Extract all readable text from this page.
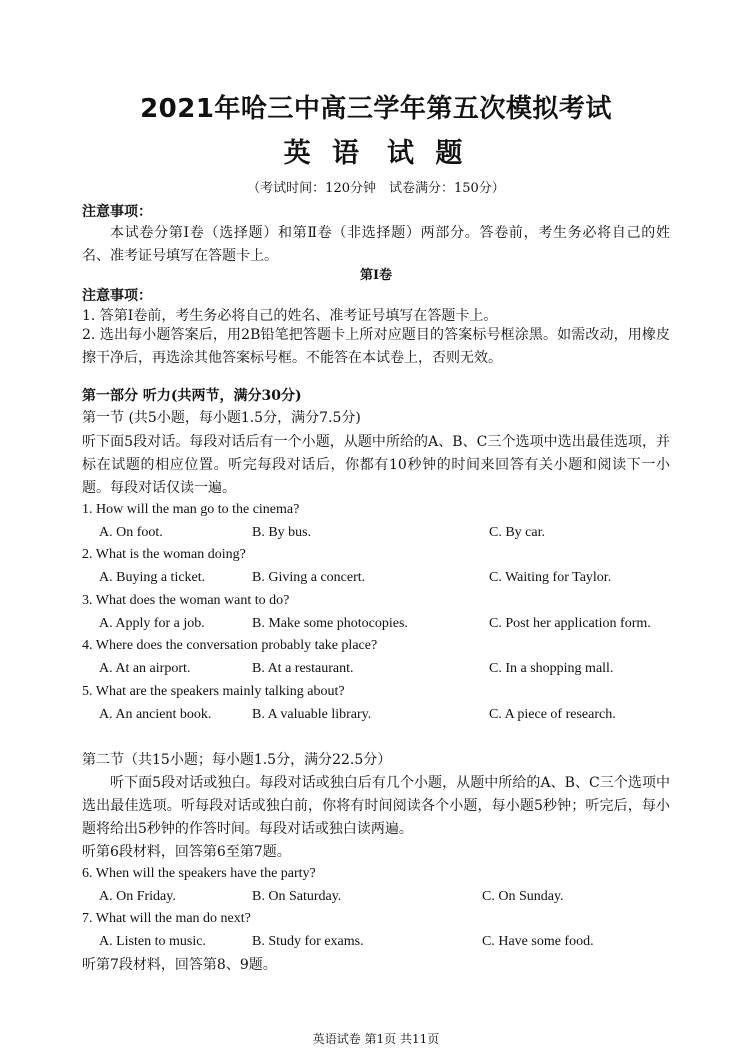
2021年哈三中高三学年第五次模拟考试
英 语 试 题
（考试时间：120分钟　试卷满分：150分）
注意事项：
本试卷分第Ⅰ卷（选择题）和第Ⅱ卷（非选择题）两部分。答卷前，考生务必将自己的姓名、准考证号填写在答题卡上。
第Ⅰ卷
注意事项：
1. 答第Ⅰ卷前，考生务必将自己的姓名、准考证号填写在答题卡上。
2. 选出每小题答案后，用2B铅笔把答题卡上所对应题目的答案标号框涂黑。如需改动，用橡皮擦干净后，再选涂其他答案标号框。不能答在本试卷上，否则无效。
第一部分 听力(共两节，满分30分)
第一节 (共5小题，每小题1.5分，满分7.5分)
听下面5段对话。每段对话后有一个小题，从题中所给的A、B、C三个选项中选出最佳选项，并标在试题的相应位置。听完每段对话后，你都有10秒钟的时间来回答有关小题和阅读下一小题。每段对话仅读一遍。
1. How will the man go to the cinema?
A. On foot.	B. By bus.	C. By car.
2. What is the woman doing?
A. Buying a ticket.	B. Giving a concert.	C. Waiting for Taylor.
3. What does the woman want to do?
A. Apply for a job.	B. Make some photocopies.	C. Post her application form.
4. Where does the conversation probably take place?
A. At an airport.	B. At a restaurant.	C. In a shopping mall.
5. What are the speakers mainly talking about?
A. An ancient book.	B. A valuable library.	C. A piece of research.
第二节（共15小题；每小题1.5分，满分22.5分）
听下面5段对话或独白。每段对话或独白后有几个小题，从题中所给的A、B、C三个选项中选出最佳选项。听每段对话或独白前，你将有时间阅读各个小题，每小题5秒钟；听完后，每小题将给出5秒钟的作答时间。每段对话或独白读两遍。
听第6段材料，回答第6至第7题。
6. When will the speakers have the party?
A. On Friday.	B. On Saturday.	C. On Sunday.
7. What will the man do next?
A. Listen to music.	B. Study for exams.	C. Have some food.
听第7段材料，回答第8、9题。
英语试卷 第1页 共11页
